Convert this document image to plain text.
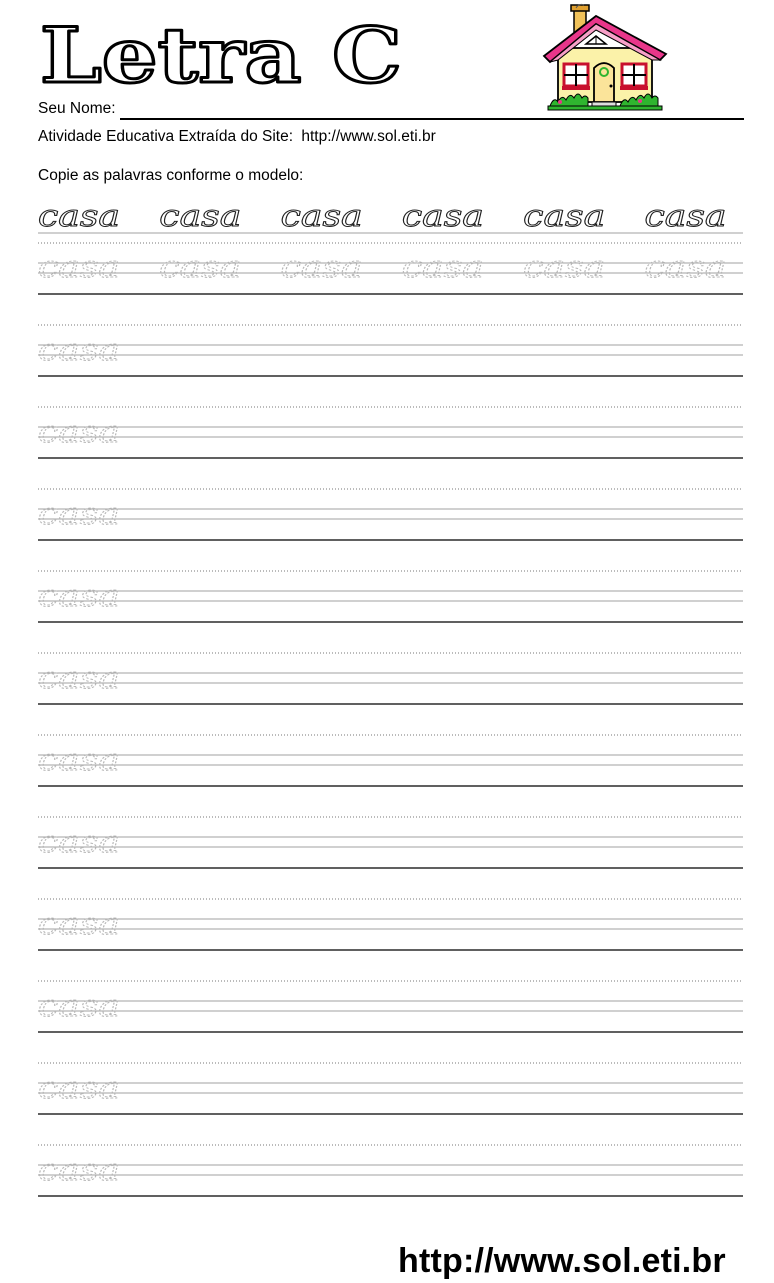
Letra C
Seu Nome:
Atividade Educativa Extraída do Site: http://www.sol.eti.br
Copie as palavras conforme o modelo:
casa casa casa casa casa casa
casa casa casa casa casa casa
casa
casa
casa
casa
casa
casa
casa
casa
casa
casa
casa
http://www.sol.eti.br
